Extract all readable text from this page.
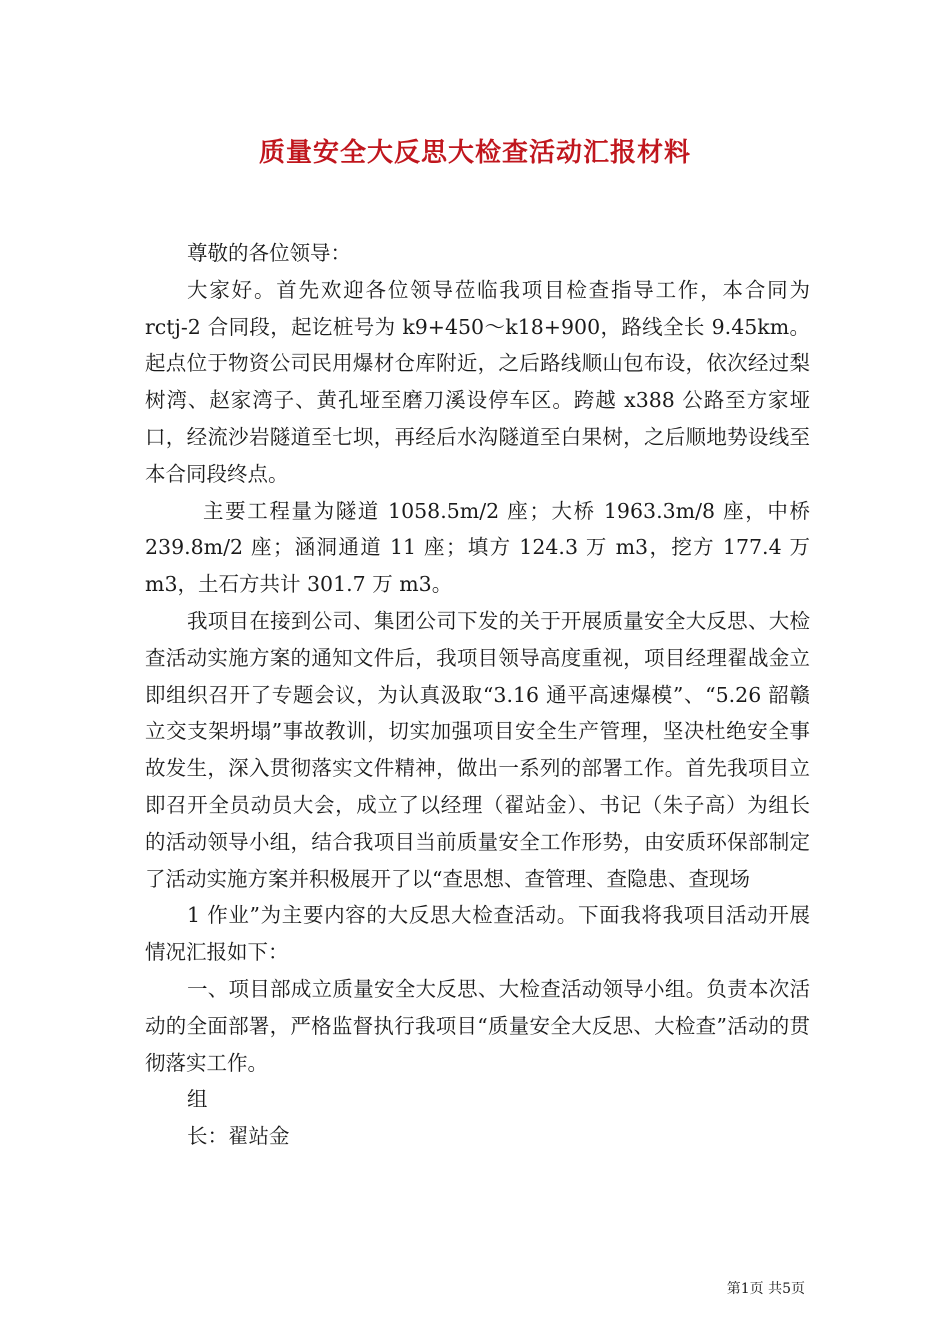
质量安全大反思大检查活动汇报材料

尊敬的各位领导：

大家好。首先欢迎各位领导莅临我项目检查指导工作，本合同为 rctj-2 合同段，起讫桩号为 k9+450～k18+900，路线全长 9.45km。起点位于物资公司民用爆材仓库附近，之后路线顺山包布设，依次经过梨树湾、赵家湾子、黄孔垭至磨刀溪设停车区。跨越 x388 公路至方家垭口，经流沙岩隧道至七坝，再经后水沟隧道至白果树，之后顺地势设线至本合同段终点。

主要工程量为隧道 1058.5m/2 座；大桥 1963.3m/8 座，中桥 239.8m/2 座；涵洞通道 11 座；填方 124.3 万 m3，挖方 177.4 万 m3，土石方共计 301.7 万 m3。

我项目在接到公司、集团公司下发的关于开展质量安全大反思、大检查活动实施方案的通知文件后，我项目领导高度重视，项目经理翟战金立即组织召开了专题会议，为认真汲取“3.16 通平高速爆模”、“5.26 韶赣立交支架坍塌”事故教训，切实加强项目安全生产管理，坚决杜绝安全事故发生，深入贯彻落实文件精神，做出一系列的部署工作。首先我项目立即召开全员动员大会，成立了以经理（翟站金）、书记（朱子高）为组长的活动领导小组，结合我项目当前质量安全工作形势，由安质环保部制定了活动实施方案并积极展开了以“查思想、查管理、查隐患、查现场

1 作业”为主要内容的大反思大检查活动。下面我将我项目活动开展情况汇报如下：

一、项目部成立质量安全大反思、大检查活动领导小组。负责本次活动的全面部署，严格监督执行我项目“质量安全大反思、大检查”活动的贯彻落实工作。

组

长：翟站金

第1页 共5页
